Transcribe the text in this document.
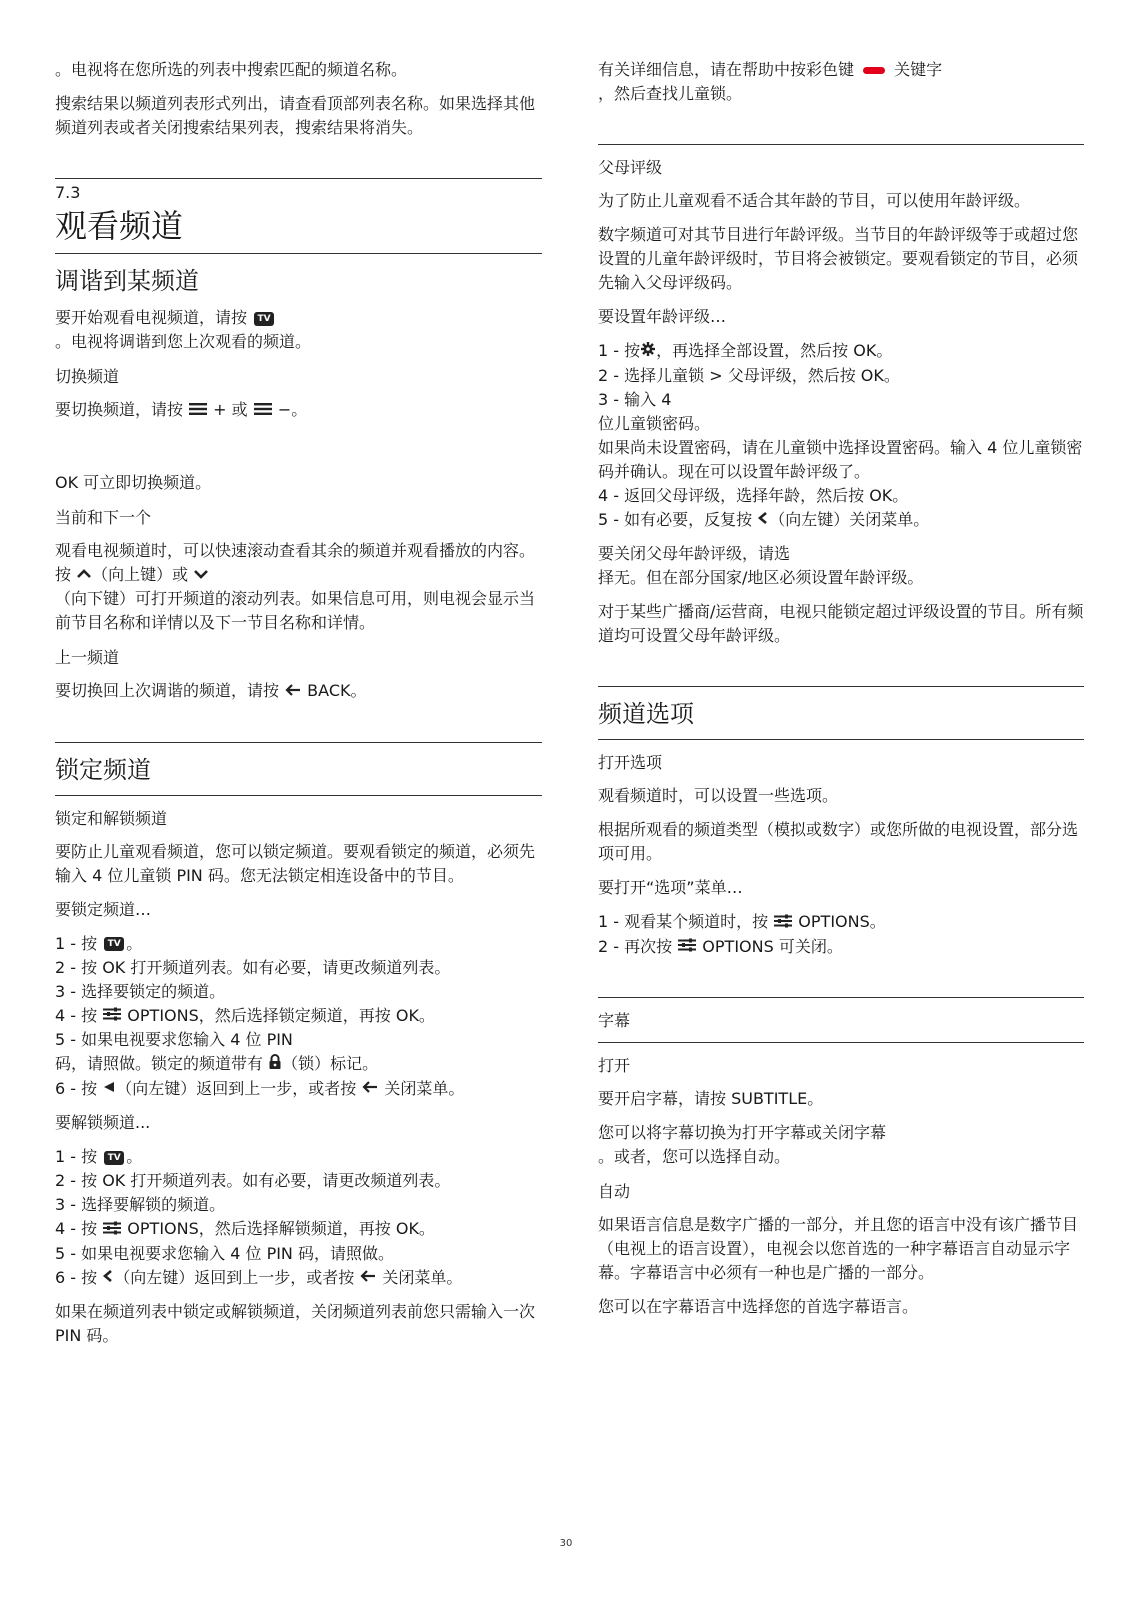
。电视将在您所选的列表中搜索匹配的频道名称。

搜索结果以频道列表形式列出，请查看顶部列表名称。如果选择其他频道列表或者关闭搜索结果列表，搜索结果将消失。

7.3
观看频道
调谐到某频道

要开始观看电视频道，请按 TV
。电视将调谐到您上次观看的频道。

切换频道

要切换频道，请按  + 或  −。

OK 可立即切换频道。

当前和下一个

观看电视频道时，可以快速滚动查看其余的频道并观看播放的内容。
按 （向上键）或
（向下键）可打开频道的滚动列表。如果信息可用，则电视会显示当前节目名称和详情以及下一节目名称和详情。

上一频道

要切换回上次调谐的频道，请按  BACK。

锁定频道
锁定和解锁频道

要防止儿童观看频道，您可以锁定频道。要观看锁定的频道，必须先输入 4 位儿童锁 PIN 码。您无法锁定相连设备中的节目。

要锁定频道…

1 - 按 TV 。
2 - 按 OK 打开频道列表。如有必要，请更改频道列表。
3 - 选择要锁定的频道。
4 - 按  OPTIONS，然后选择锁定频道，再按 OK。
5 - 如果电视要求您输入 4 位 PIN
码，请照做。锁定的频道带有 （锁）标记。
6 - 按 （向左键）返回到上一步，或者按  关闭菜单。

要解锁频道...

1 - 按 TV 。
2 - 按 OK 打开频道列表。如有必要，请更改频道列表。
3 - 选择要解锁的频道。
4 - 按  OPTIONS，然后选择解锁频道，再按 OK。
5 - 如果电视要求您输入 4 位 PIN 码，请照做。
6 - 按 （向左键）返回到上一步，或者按  关闭菜单。

如果在频道列表中锁定或解锁频道，关闭频道列表前您只需输入一次 PIN 码。

有关详细信息，请在帮助中按彩色键  关键字
，然后查找儿童锁。

父母评级

为了防止儿童观看不适合其年龄的节目，可以使用年龄评级。

数字频道可对其节目进行年龄评级。当节目的年龄评级等于或超过您设置的儿童年龄评级时，节目将会被锁定。要观看锁定的节目，必须先输入父母评级码。

要设置年龄评级…

1 - 按 ，再选择全部设置，然后按 OK。
2 - 选择儿童锁 > 父母评级，然后按 OK。
3 - 输入 4
位儿童锁密码。
如果尚未设置密码，请在儿童锁中选择设置密码。输入 4 位儿童锁密码并确认。现在可以设置年龄评级了。
4 - 返回父母评级，选择年龄，然后按 OK。
5 - 如有必要，反复按 （向左键）关闭菜单。

要关闭父母年龄评级，请选
择无。但在部分国家/地区必须设置年龄评级。

对于某些广播商/运营商，电视只能锁定超过评级设置的节目。所有频道均可设置父母年龄评级。

频道选项
打开选项

观看频道时，可以设置一些选项。

根据所观看的频道类型（模拟或数字）或您所做的电视设置，部分选项可用。

要打开“选项”菜单…

1 - 观看某个频道时，按  OPTIONS。
2 - 再次按  OPTIONS 可关闭。
字幕
打开

要开启字幕，请按 SUBTITLE。

您可以将字幕切换为打开字幕或关闭字幕
。或者，您可以选择自动。

自动

如果语言信息是数字广播的一部分，并且您的语言中没有该广播节目（电视上的语言设置），电视会以您首选的一种字幕语言自动显示字幕。字幕语言中必须有一种也是广播的一部分。

您可以在字幕语言中选择您的首选字幕语言。

30
